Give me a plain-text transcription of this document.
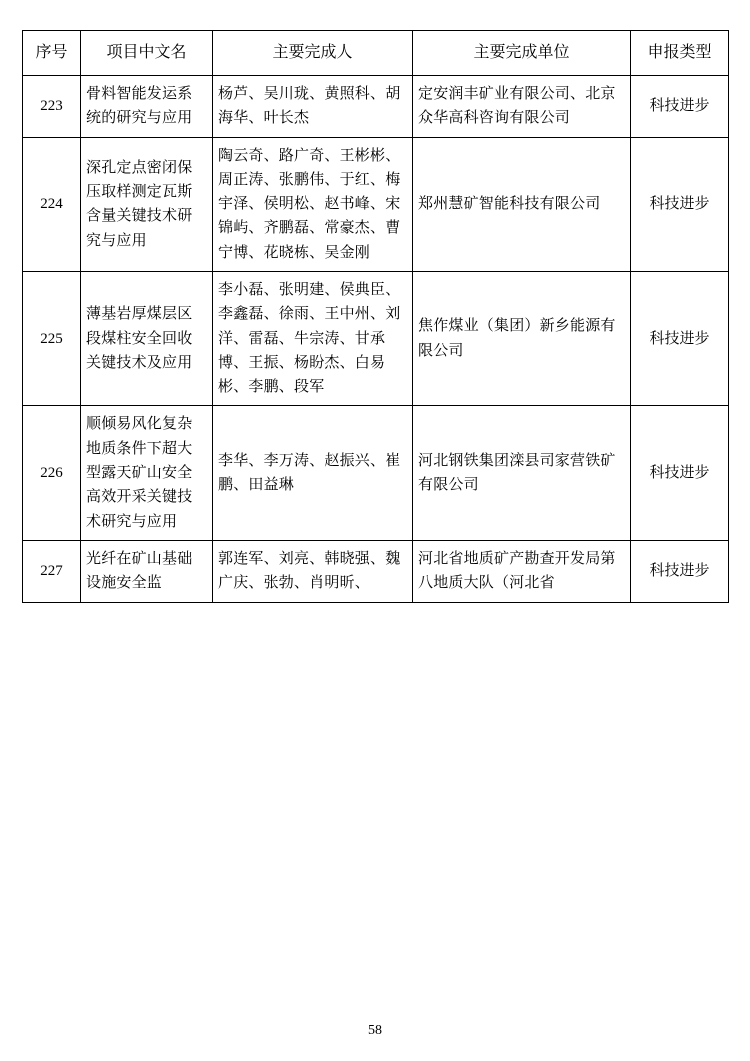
序号	项目中文名	主要完成人	主要完成单位	申报类型
223	骨料智能发运系统的研究与应用	杨芦、吴川珑、黄照科、胡海华、叶长杰	定安润丰矿业有限公司、北京众华高科咨询有限公司	科技进步
224	深孔定点密闭保压取样测定瓦斯含量关键技术研究与应用	陶云奇、路广奇、王彬彬、周正涛、张鹏伟、于红、梅宇泽、侯明松、赵书峰、宋锦屿、齐鹏磊、常豪杰、曹宁博、花晓栋、吴金刚	郑州慧矿智能科技有限公司	科技进步
225	薄基岩厚煤层区段煤柱安全回收关键技术及应用	李小磊、张明建、侯典臣、李鑫磊、徐雨、王中州、刘洋、雷磊、牛宗涛、甘承博、王振、杨盼杰、白易彬、李鹏、段军	焦作煤业（集团）新乡能源有限公司	科技进步
226	顺倾易风化复杂地质条件下超大型露天矿山安全高效开采关键技术研究与应用	李华、李万涛、赵振兴、崔鹏、田益琳	河北钢铁集团滦县司家营铁矿有限公司	科技进步
227	光纤在矿山基础设施安全监	郭连军、刘亮、韩晓强、魏广庆、张勃、肖明昕、	河北省地质矿产勘查开发局第八地质大队（河北省	科技进步
58
